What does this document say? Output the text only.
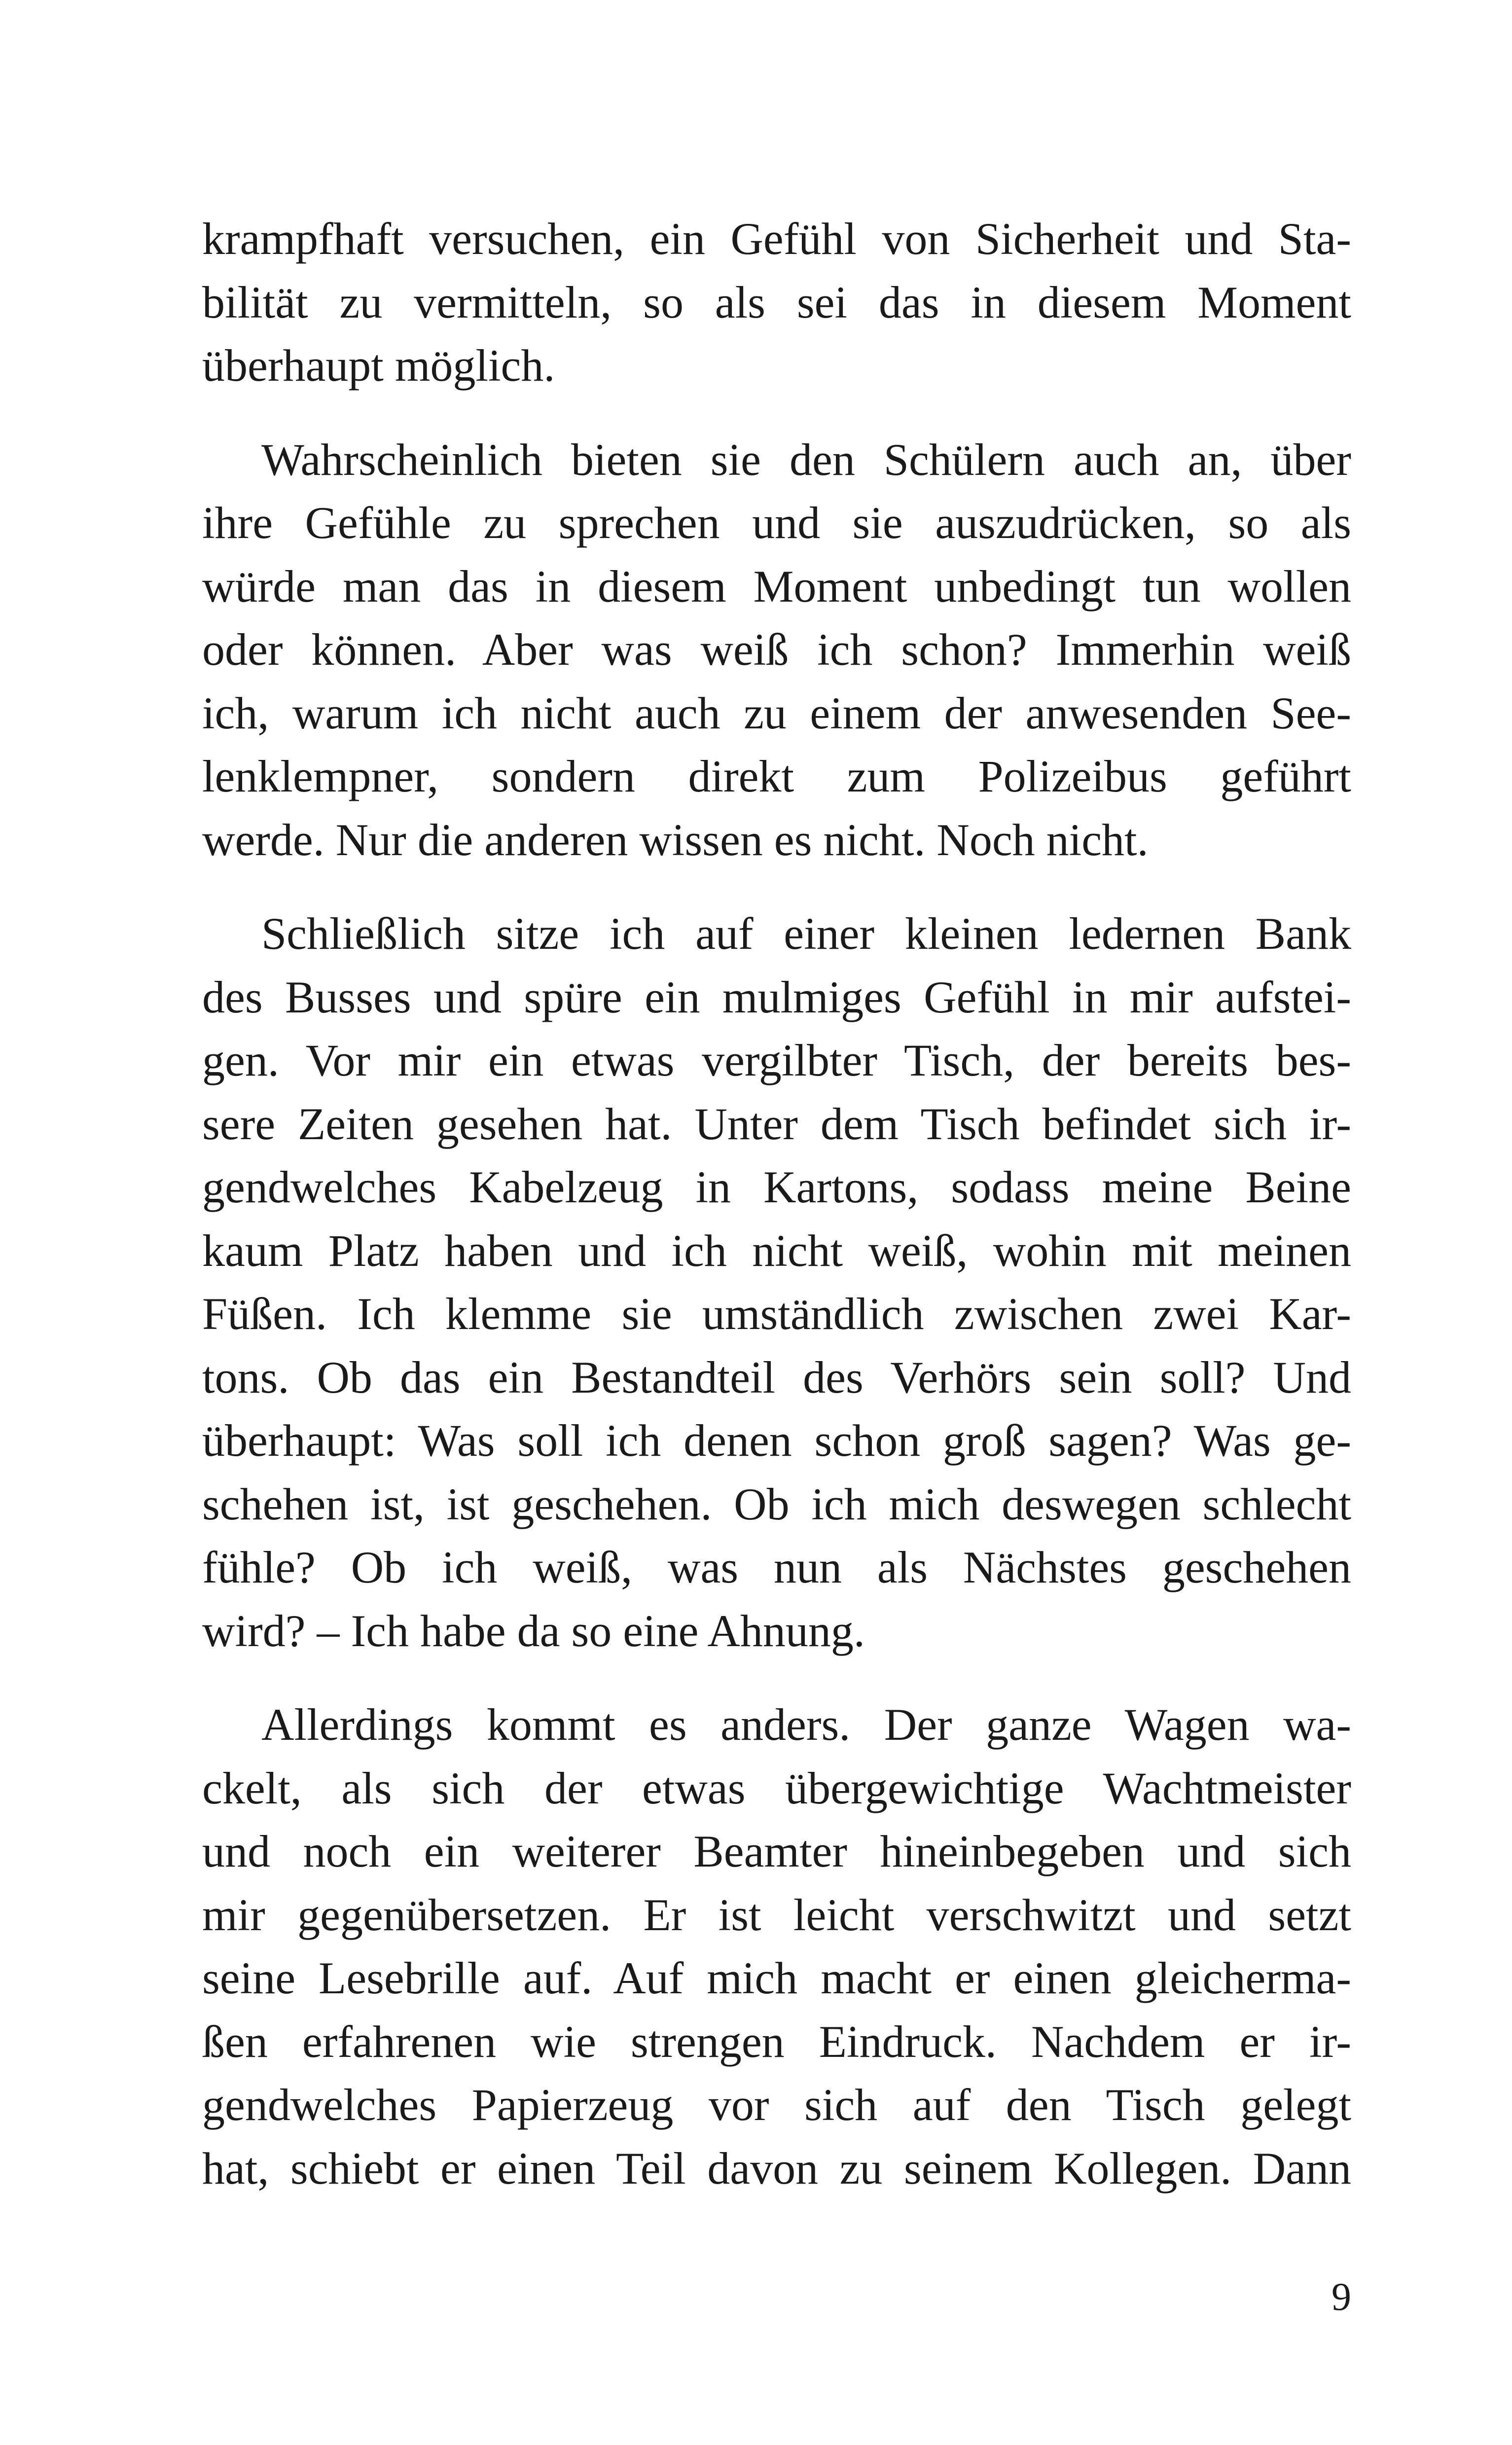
krampfhaft versuchen, ein Gefühl von Sicherheit und Sta-
bilität zu vermitteln, so als sei das in diesem Moment
überhaupt möglich.

Wahrscheinlich bieten sie den Schülern auch an, über
ihre Gefühle zu sprechen und sie auszudrücken, so als
würde man das in diesem Moment unbedingt tun wollen
oder können. Aber was weiß ich schon? Immerhin weiß
ich, warum ich nicht auch zu einem der anwesenden See-
lenklempner, sondern direkt zum Polizeibus geführt
werde. Nur die anderen wissen es nicht. Noch nicht.

Schließlich sitze ich auf einer kleinen ledernen Bank
des Busses und spüre ein mulmiges Gefühl in mir aufstei-
gen. Vor mir ein etwas vergilbter Tisch, der bereits bes-
sere Zeiten gesehen hat. Unter dem Tisch befindet sich ir-
gendwelches Kabelzeug in Kartons, sodass meine Beine
kaum Platz haben und ich nicht weiß, wohin mit meinen
Füßen. Ich klemme sie umständlich zwischen zwei Kar-
tons. Ob das ein Bestandteil des Verhörs sein soll? Und
überhaupt: Was soll ich denen schon groß sagen? Was ge-
schehen ist, ist geschehen. Ob ich mich deswegen schlecht
fühle? Ob ich weiß, was nun als Nächstes geschehen
wird? – Ich habe da so eine Ahnung.

Allerdings kommt es anders. Der ganze Wagen wa-
ckelt, als sich der etwas übergewichtige Wachtmeister
und noch ein weiterer Beamter hineinbegeben und sich
mir gegenübersetzen. Er ist leicht verschwitzt und setzt
seine Lesebrille auf. Auf mich macht er einen gleicherma-
ßen erfahrenen wie strengen Eindruck. Nachdem er ir-
gendwelches Papierzeug vor sich auf den Tisch gelegt
hat, schiebt er einen Teil davon zu seinem Kollegen. Dann

9
